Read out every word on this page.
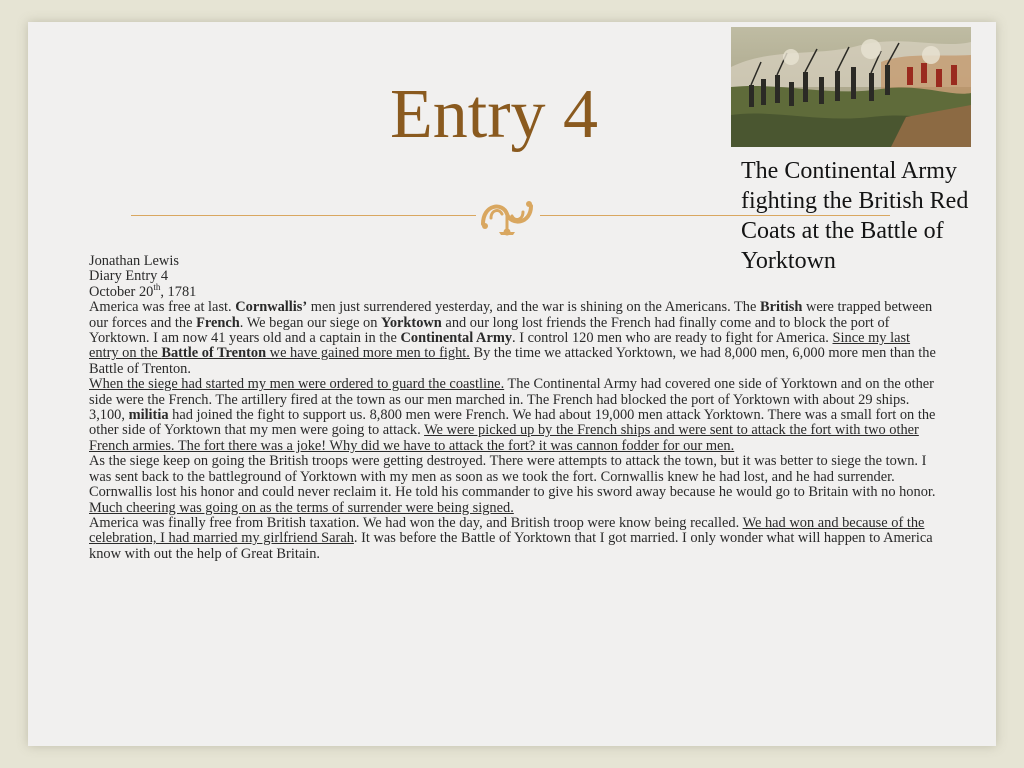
Entry 4
The Continental Army fighting the British Red Coats at the Battle of Yorktown

Jonathan Lewis

Diary Entry 4

October 20th, 1781

America was free at last. Cornwallis’ men just surrendered yesterday, and the war is shining on the Americans. The British were trapped between our forces and the French. We began our siege on Yorktown and our long lost friends the French had finally come and to block the port of Yorktown. I am now 41 years old and a captain in the Continental Army. I control 120 men who are ready to fight for America. Since my last entry on the Battle of Trenton we have gained more men to fight. By the time we attacked Yorktown, we had 8,000 men, 6,000 more men than the Battle of Trenton.

When the siege had started my men were ordered to guard the coastline. The Continental Army had covered one side of Yorktown and on the other side were the French. The artillery fired at the town as our men marched in. The French had blocked the port of Yorktown with about 29 ships. 3,100, militia had joined the fight to support us. 8,800 men were French. We had about 19,000 men attack Yorktown. There was a small fort on the other side of Yorktown that my men were going to attack. We were picked up by the French ships and were sent to attack the fort with two other French armies. The fort there was a joke! Why did we have to attack the fort? it was cannon fodder for our men.

As the siege keep on going the British troops were getting destroyed. There were attempts to attack the town, but it was better to siege the town. I was sent back to the battleground of Yorktown with my men as soon as we took the fort. Cornwallis knew he had lost, and he had surrender. Cornwallis lost his honor and could never reclaim it. He told his commander to give his sword away because he would go to Britain with no honor. Much cheering was going on as the terms of surrender were being signed.

America was finally free from British taxation. We had won the day, and British troop were know being recalled. We had won and because of the celebration, I had married my girlfriend Sarah. It was before the Battle of Yorktown that I got married. I only wonder what will happen to America know with out the help of Great Britain.
